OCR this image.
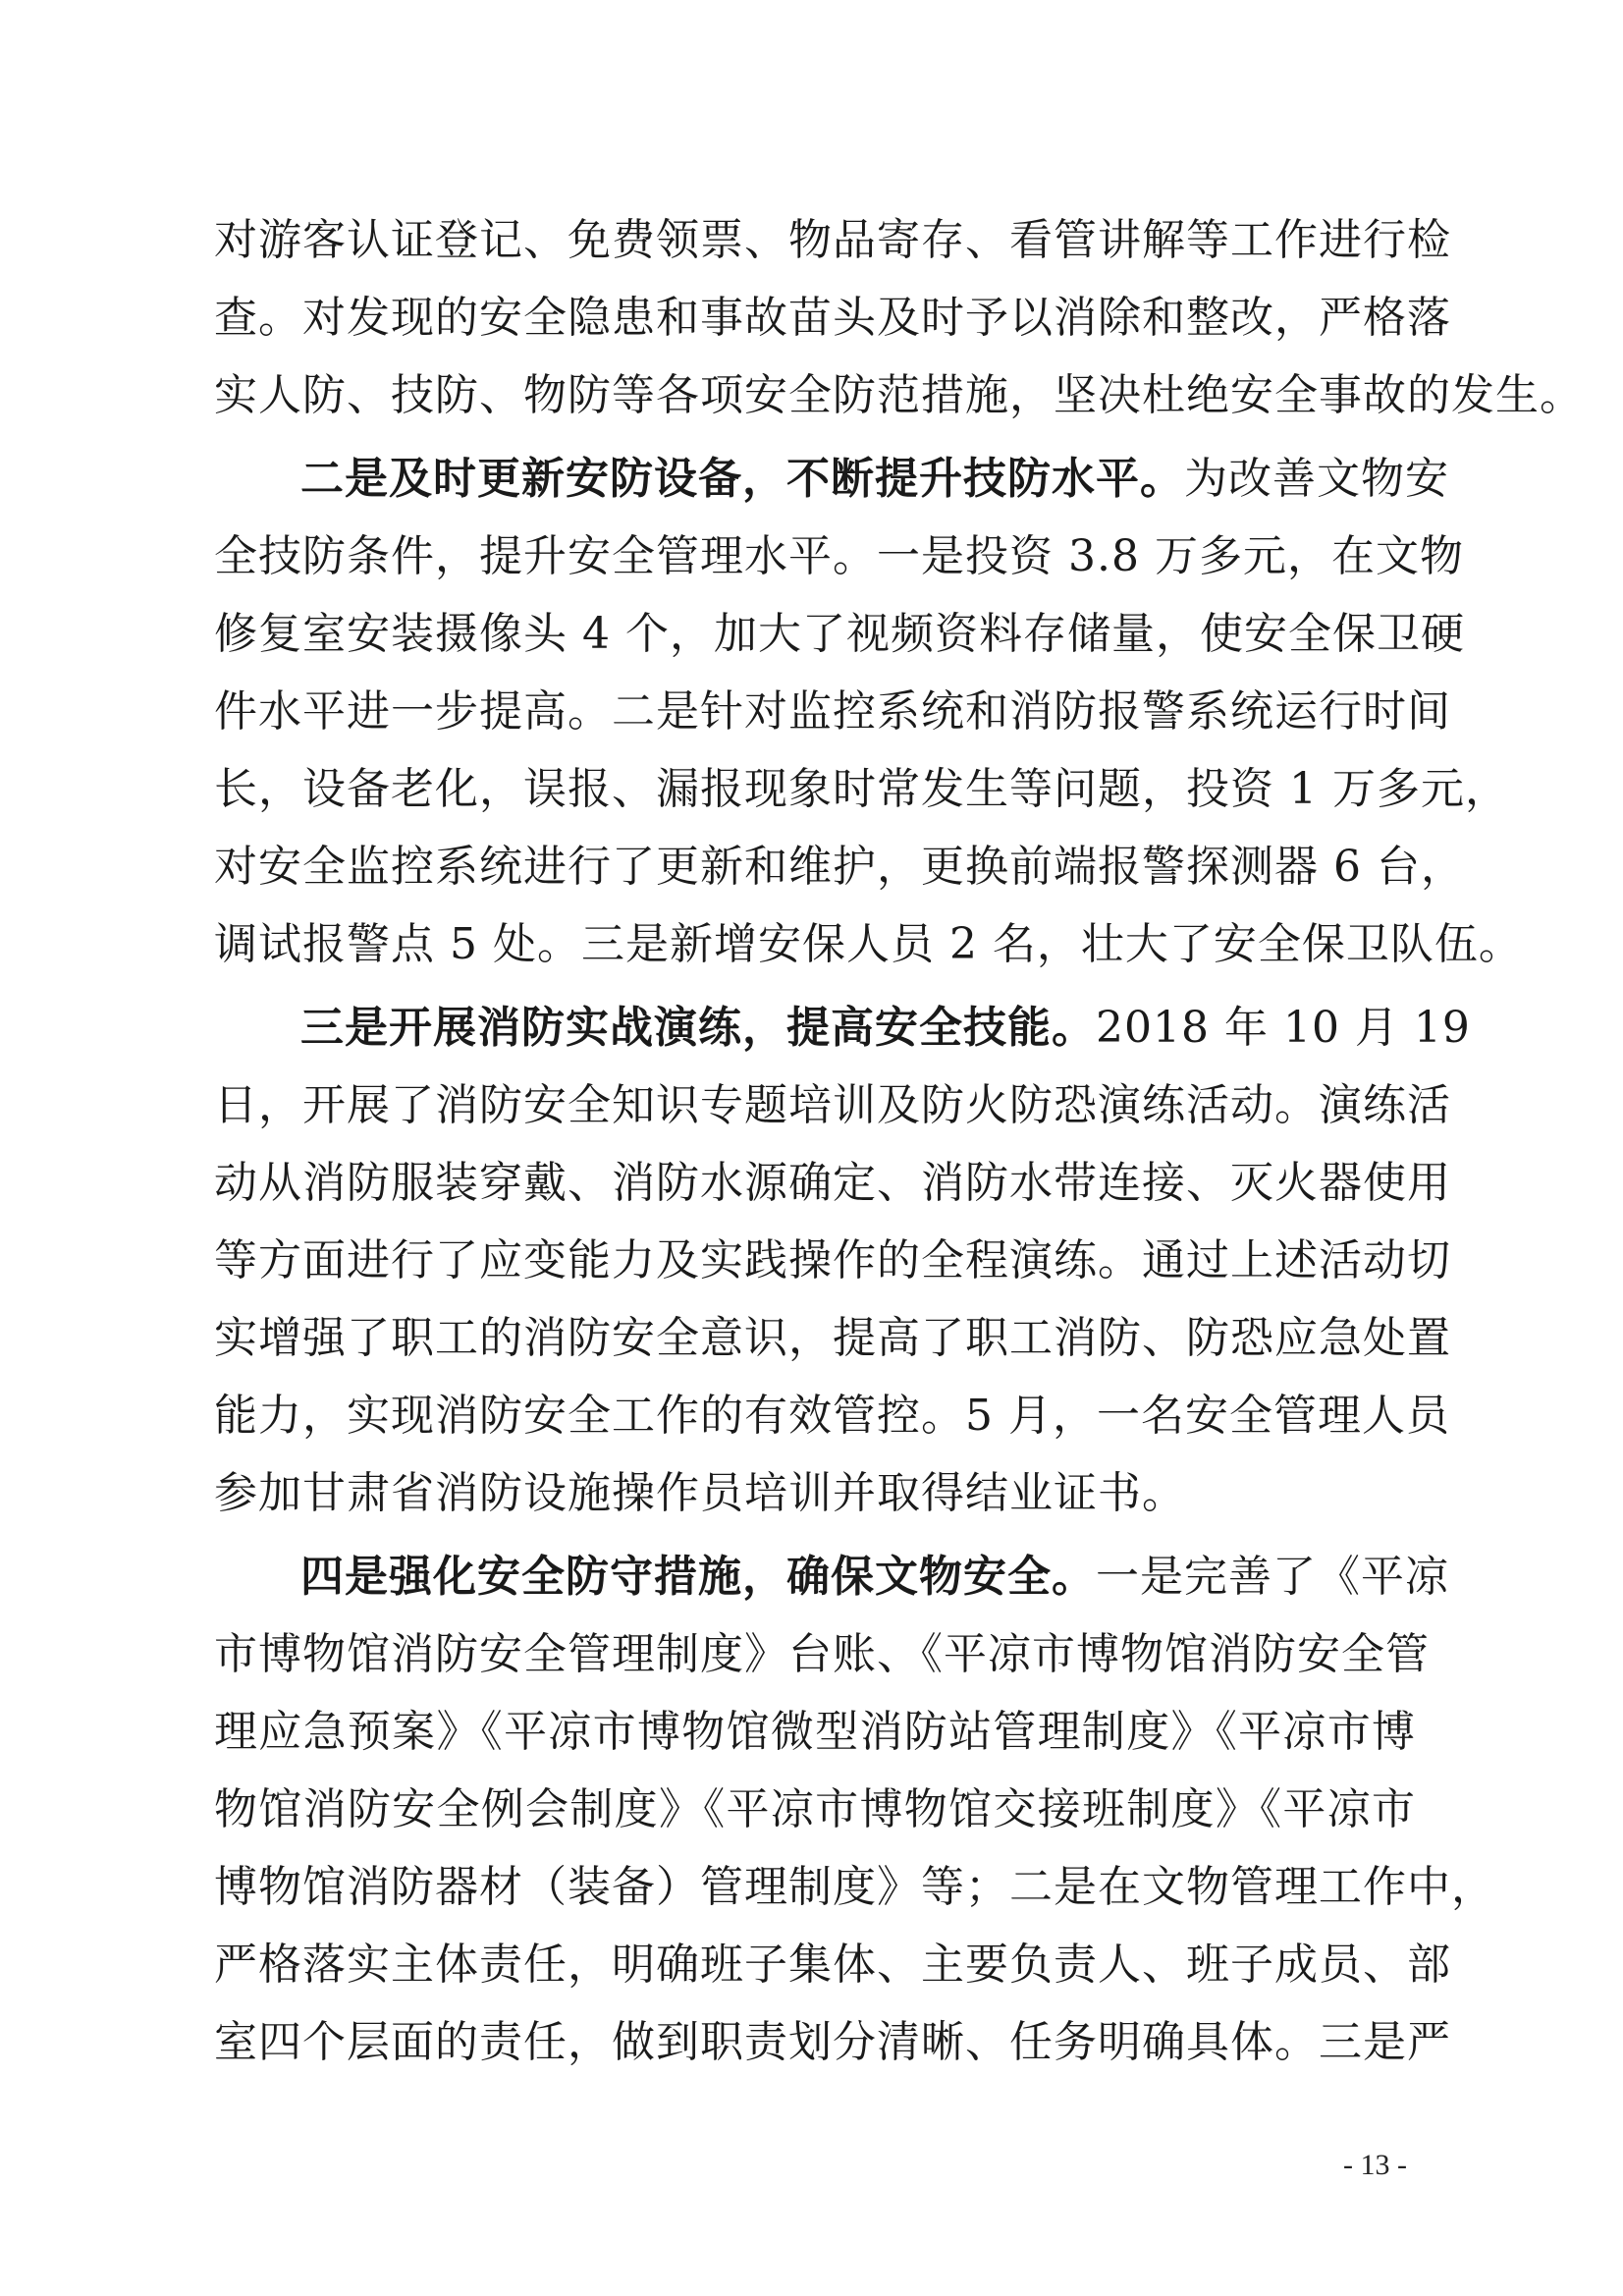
对游客认证登记、免费领票、物品寄存、看管讲解等工作进行检
查。对发现的安全隐患和事故苗头及时予以消除和整改，严格落
实人防、技防、物防等各项安全防范措施，坚决杜绝安全事故的发生。
二是及时更新安防设备，不断提升技防水平。为改善文物安
全技防条件，提升安全管理水平。一是投资 3.8 万多元，在文物
修复室安装摄像头 4 个，加大了视频资料存储量，使安全保卫硬
件水平进一步提高。二是针对监控系统和消防报警系统运行时间
长，设备老化，误报、漏报现象时常发生等问题，投资 1 万多元，
对安全监控系统进行了更新和维护，更换前端报警探测器 6 台，
调试报警点 5 处。三是新增安保人员 2 名，壮大了安全保卫队伍。
三是开展消防实战演练，提高安全技能。2018 年 10 月 19
日，开展了消防安全知识专题培训及防火防恐演练活动。演练活
动从消防服装穿戴、消防水源确定、消防水带连接、灭火器使用
等方面进行了应变能力及实践操作的全程演练。通过上述活动切
实增强了职工的消防安全意识，提高了职工消防、防恐应急处置
能力，实现消防安全工作的有效管控。5 月，一名安全管理人员
参加甘肃省消防设施操作员培训并取得结业证书。
四是强化安全防守措施，确保文物安全。一是完善了《平凉
市博物馆消防安全管理制度》台账、《平凉市博物馆消防安全管
理应急预案》《平凉市博物馆微型消防站管理制度》《平凉市博
物馆消防安全例会制度》《平凉市博物馆交接班制度》《平凉市
博物馆消防器材（装备）管理制度》等；二是在文物管理工作中，
严格落实主体责任，明确班子集体、主要负责人、班子成员、部
室四个层面的责任，做到职责划分清晰、任务明确具体。三是严
- 13 -
